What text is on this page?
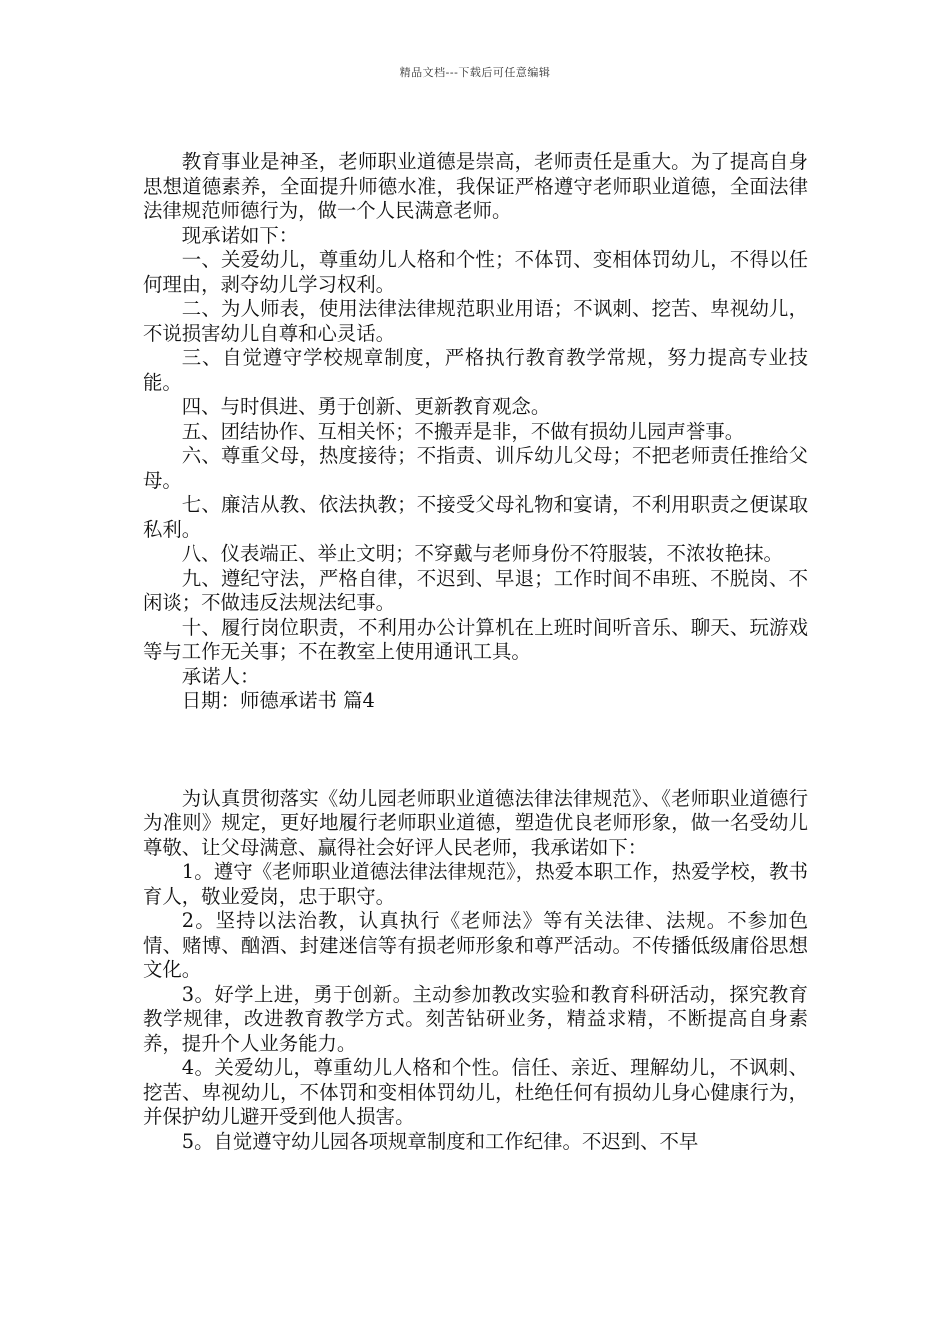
精品文档---下载后可任意编辑

教育事业是神圣，老师职业道德是崇高，老师责任是重大。为了提高自身思想道德素养，全面提升师德水准，我保证严格遵守老师职业道德，全面法律法律规范师德行为，做一个人民满意老师。

现承诺如下：

一、关爱幼儿，尊重幼儿人格和个性；不体罚、变相体罚幼儿，不得以任何理由，剥夺幼儿学习权利。

二、为人师表，使用法律法律规范职业用语；不讽刺、挖苦、卑视幼儿，不说损害幼儿自尊和心灵话。

三、自觉遵守学校规章制度，严格执行教育教学常规，努力提高专业技能。

四、与时俱进、勇于创新、更新教育观念。

五、团结协作、互相关怀；不搬弄是非，不做有损幼儿园声誉事。

六、尊重父母，热度接待；不指责、训斥幼儿父母；不把老师责任推给父母。

七、廉洁从教、依法执教；不接受父母礼物和宴请，不利用职责之便谋取私利。

八、仪表端正、举止文明；不穿戴与老师身份不符服装，不浓妆艳抹。

九、遵纪守法，严格自律，不迟到、早退；工作时间不串班、不脱岗、不闲谈；不做违反法规法纪事。

十、履行岗位职责，不利用办公计算机在上班时间听音乐、聊天、玩游戏等与工作无关事；不在教室上使用通讯工具。

承诺人：

日期：师德承诺书 篇4

为认真贯彻落实《幼儿园老师职业道德法律法律规范》、《老师职业道德行为准则》规定，更好地履行老师职业道德，塑造优良老师形象，做一名受幼儿尊敬、让父母满意、赢得社会好评人民老师，我承诺如下：

1。遵守《老师职业道德法律法律规范》，热爱本职工作，热爱学校，教书育人，敬业爱岗，忠于职守。

2。坚持以法治教，认真执行《老师法》等有关法律、法规。不参加色情、赌博、酗酒、封建迷信等有损老师形象和尊严活动。不传播低级庸俗思想文化。

3。好学上进，勇于创新。主动参加教改实验和教育科研活动，探究教育教学规律，改进教育教学方式。刻苦钻研业务，精益求精，不断提高自身素养，提升个人业务能力。

4。关爱幼儿，尊重幼儿人格和个性。信任、亲近、理解幼儿，不讽刺、挖苦、卑视幼儿，不体罚和变相体罚幼儿，杜绝任何有损幼儿身心健康行为，并保护幼儿避开受到他人损害。

5。自觉遵守幼儿园各项规章制度和工作纪律。不迟到、不早
